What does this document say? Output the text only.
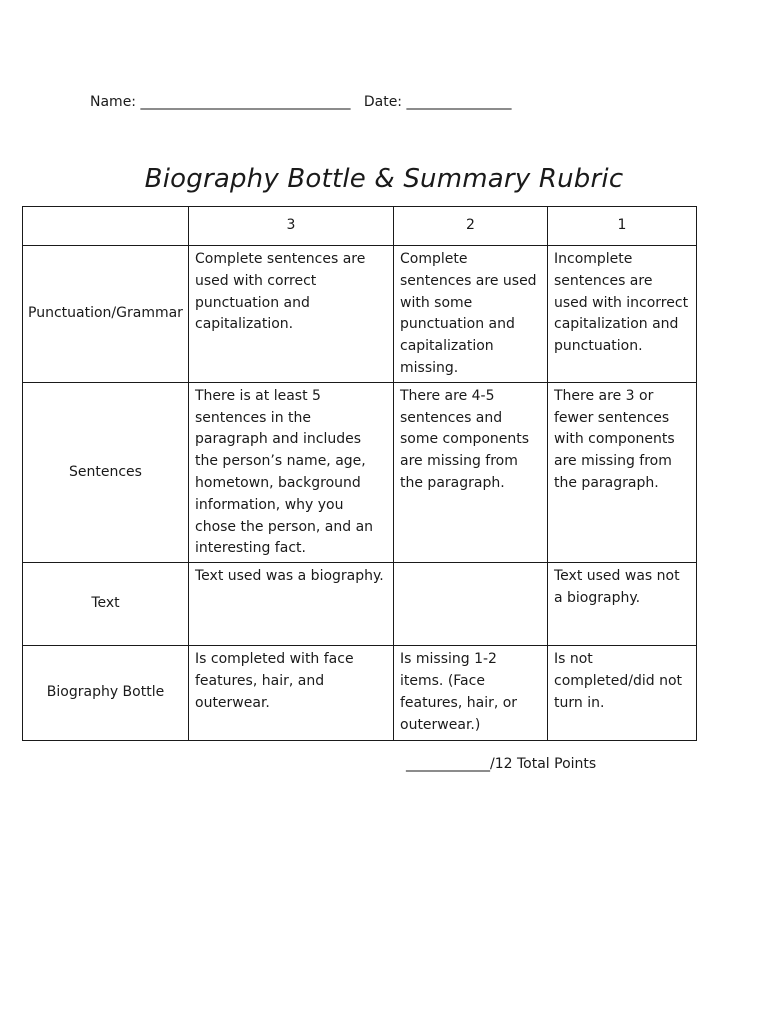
Name: ______________________________ Date: _______________
Biography Bottle & Summary Rubric
	3	2	1
Punctuation/Grammar	Complete sentences are used with correct punctuation and capitalization.	Complete sentences are used with some punctuation and capitalization missing.	Incomplete sentences are used with incorrect capitalization and punctuation.
Sentences	There is at least 5 sentences in the paragraph and includes the person’s name, age, hometown, background information, why you chose the person, and an interesting fact.	There are 4-5 sentences and some components are missing from the paragraph.	There are 3 or fewer sentences with components are missing from the paragraph.
Text	Text used was a biography.		Text used was not a biography.
Biography Bottle	Is completed with face features, hair, and outerwear.	Is missing 1-2 items. (Face features, hair, or outerwear.)	Is not completed/did not turn in.
____________/12 Total Points
